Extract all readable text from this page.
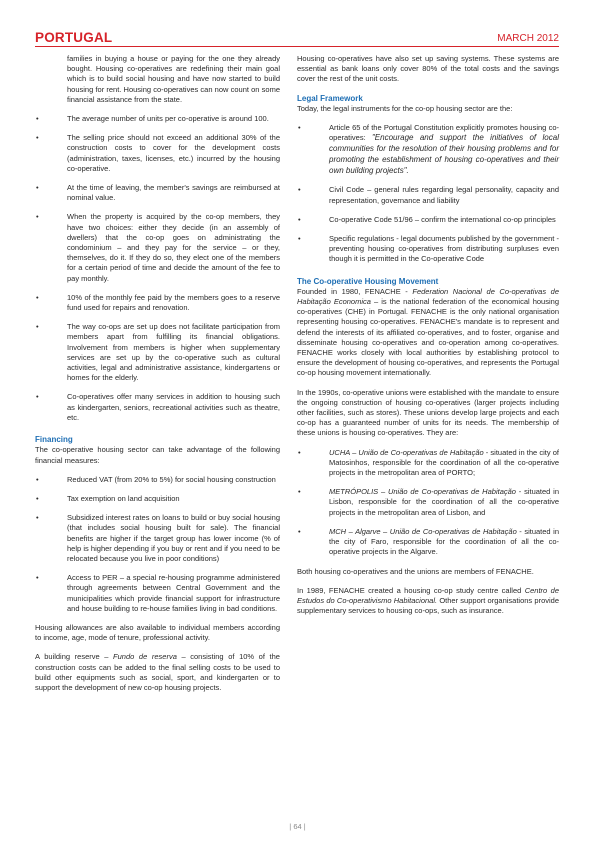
PORTUGAL	MARCH 2012
families in buying a house or paying for the one they already bought. Housing co-operatives are redefining their main goal which is to build social housing and have now started to build housing for rent. Housing co-operatives can now count on some financial assistance from the state.
• The average number of units per co-operative is around 100.
• The selling price should not exceed an additional 30% of the construction costs to cover for the development costs (administration, taxes, licenses, etc.) incurred by the housing co-operative.
• At the time of leaving, the member's savings are reimbursed at nominal value.
• When the property is acquired by the co-op members, they have two choices: either they decide (in an assembly of dwellers) that the co-op goes on administrating the condominium – and they pay for the service – or they, themselves, do it. If they do so, they elect one of the members for a certain period of time and decide the amount of the fee to pay monthly.
• 10% of the monthly fee paid by the members goes to a reserve fund used for repairs and renovation.
• The way co-ops are set up does not facilitate participation from members apart from fulfilling its financial obligations. Involvement from members is higher when supplementary services are set up by the co-operative such as cultural activities, legal and administrative assistance, kindergartens or homes for the elderly.
• Co-operatives offer many services in addition to housing such as kindergarten, seniors, recreational activities such as theatre, etc.
Financing

The co-operative housing sector can take advantage of the following financial measures:

• Reduced VAT (from 20% to 5%) for social housing construction
• Tax exemption on land acquisition
• Subsidized interest rates on loans to build or buy social housing (that includes social housing built for sale). The financial benefits are higher if the target group has lower income (% of help is higher depending if you buy or rent and if you need to be relocated because you live in poor conditions)
• Access to PER – a special re-housing programme administered through agreements between Central Government and the municipalities which provide financial support for infrastructure and house building to re-house families living in bad conditions.

Housing allowances are also available to individual members according to income, age, mode of tenure, professional activity.

A building reserve – Fundo de reserva – consisting of 10% of the construction costs can be added to the final selling costs to be used to build other equipments such as social, sport, and kindergarten or to support the development of new co-op housing projects.

Housing co-operatives have also set up saving systems. These systems are essential as bank loans only cover 80% of the total costs and the savings cover the rest of the unit costs.

Legal Framework

Today, the legal instruments for the co-op housing sector are the:

• Article 65 of the Portugal Constitution explicitly promotes housing co-operatives: "Encourage and support the initiatives of local communities for the resolution of their housing problems and for promoting the establishment of housing co-operatives and their own building projects".
• Civil Code – general rules regarding legal personality, capacity and representation, governance and liability
• Co-operative Code 51/96 – confirm the international co-op principles
• Specific regulations - legal documents published by the government - preventing housing co-operatives from distributing surpluses even though it is permitted in the Co-operative Code
The Co-operative Housing Movement

Founded in 1980, FENACHE - Federation Nacional de Co-operativas de Habitação Economica – is the national federation of the economical housing co-operatives (CHE) in Portugal. FENACHE is the only national organisation representing housing co-operatives. FENACHE's mandate is to represent and defend the interests of its affiliated co-operatives, and to foster, organise and disseminate housing co-operatives and co-operation among co-operatives. FENACHE works closely with local authorities by establishing protocol to ensure the development of housing co-operatives, and represents the Portugal co-op housing movement internationally.

In the 1990s, co-operative unions were established with the mandate to ensure the ongoing construction of housing co-operatives (larger projects including other facilities, such as stores). These unions develop large projects and each co-op has a guaranteed number of units for its needs. The membership of these unions is housing co-operatives. They are:

• UCHA – União de Co-operativas de Habitação - situated in the city of Matosinhos, responsible for the coordination of all the co-operative projects in the metropolitan area of PORTO;
• METRÓPOLIS – União de Co-operativas de Habitação - situated in Lisbon, responsible for the coordination of all the co-operative projects in the metropolitan area of Lisbon, and
• MCH – Algarve – União de Co-operativas de Habitação - situated in the city of Faro, responsible for the coordination of all the co-operative projects in the Algarve.

Both housing co-operatives and the unions are members of FENACHE.

In 1989, FENACHE created a housing co-op study centre called Centro de Estudos do Co-operativismo Habitacional. Other support organisations provide supplementary services to housing co-ops, such as insurance.

| 64 |
